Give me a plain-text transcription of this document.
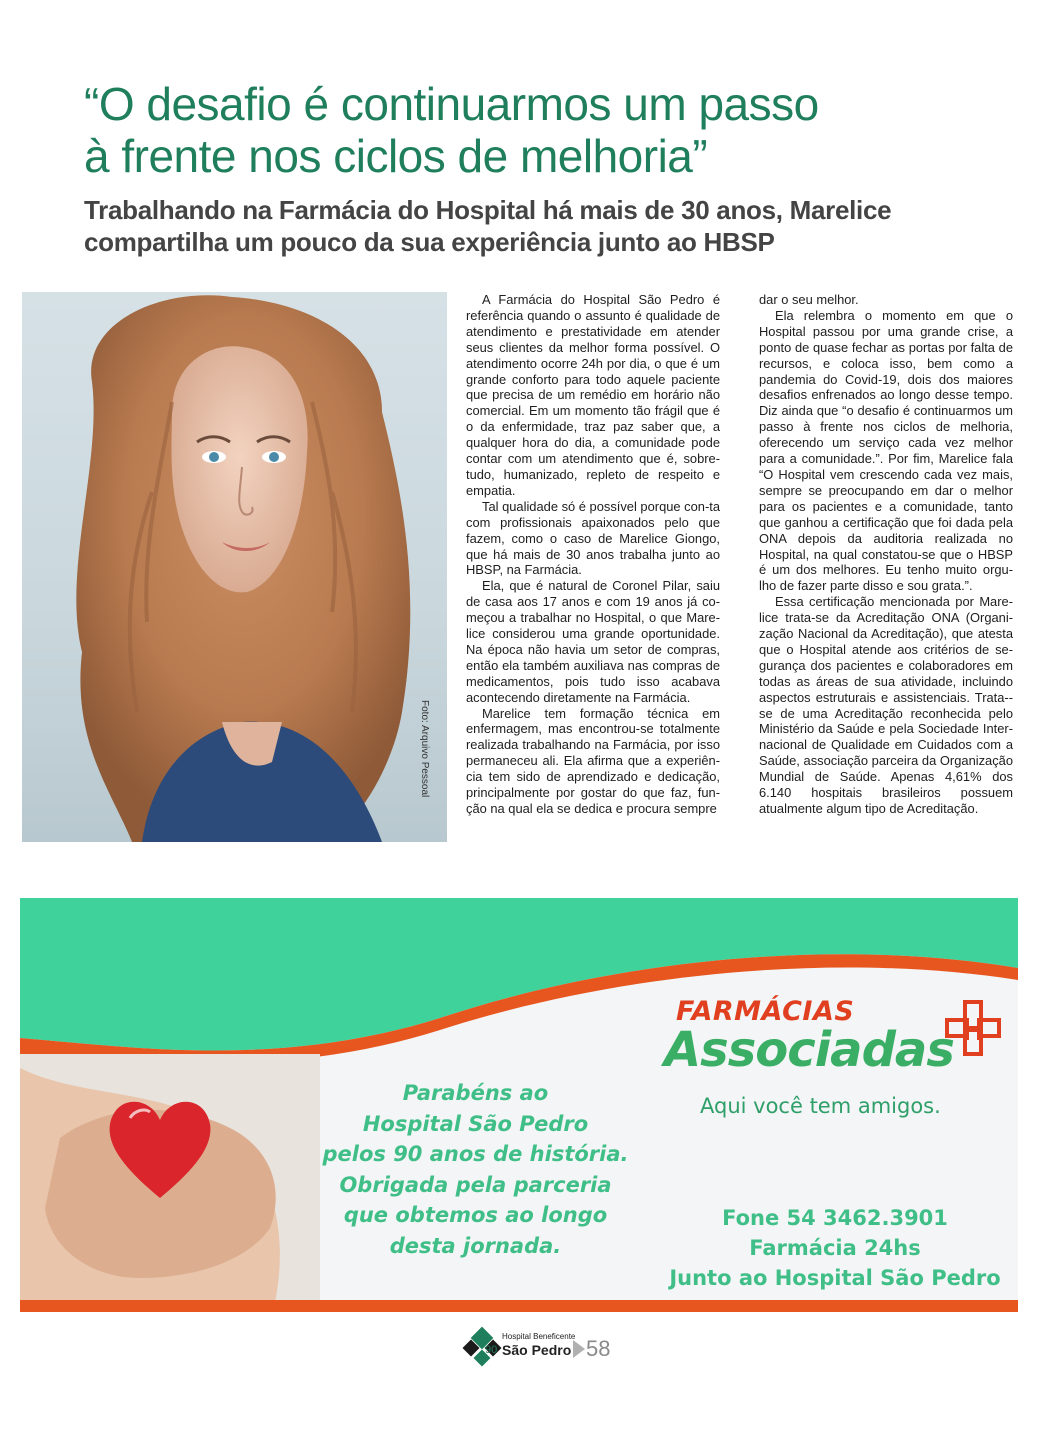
“O desafio é continuarmos um passo
à frente nos ciclos de melhoria”
Trabalhando na Farmácia do Hospital há mais de 30 anos, Marelice
compartilha um pouco da sua experiência junto ao HBSP
Foto: Arquivo Pessoal

A Farmácia do Hospital São Pedro é referência quando o assunto é qualidade de atendimento e prestatividade em atender seus clientes da melhor forma possível. O atendimento ocorre 24h por dia, o que é um grande conforto para todo aquele paciente que precisa de um remédio em horário não comercial. Em um momento tão frágil que é o da enfermidade, traz paz saber que, a qualquer hora do dia, a comunidade pode contar com um atendimento que é, sobre-tudo, humanizado, repleto de respeito e empatia.

Tal qualidade só é possível porque con-ta com profissionais apaixonados pelo que fazem, como o caso de Marelice Giongo, que há mais de 30 anos trabalha junto ao HBSP, na Farmácia.

Ela, que é natural de Coronel Pilar, saiu de casa aos 17 anos e com 19 anos já co-meçou a trabalhar no Hospital, o que Mare-lice considerou uma grande oportunidade. Na época não havia um setor de compras, então ela também auxiliava nas compras de medicamentos, pois tudo isso acabava acontecendo diretamente na Farmácia.

Marelice tem formação técnica em enfermagem, mas encontrou-se totalmente realizada trabalhando na Farmácia, por isso permaneceu ali. Ela afirma que a experiên-cia tem sido de aprendizado e dedicação, principalmente por gostar do que faz, fun-ção na qual ela se dedica e procura sempre

dar o seu melhor.

Ela relembra o momento em que o Hospital passou por uma grande crise, a ponto de quase fechar as portas por falta de recursos, e coloca isso, bem como a pandemia do Covid-19, dois dos maiores desafios enfrenados ao longo desse tempo. Diz ainda que “o desafio é continuarmos um passo à frente nos ciclos de melhoria, oferecendo um serviço cada vez melhor para a comunidade.”. Por fim, Marelice fala “O Hospital vem crescendo cada vez mais, sempre se preocupando em dar o melhor para os pacientes e a comunidade, tanto que ganhou a certificação que foi dada pela ONA depois da auditoria realizada no Hospital, na qual constatou-se que o HBSP é um dos melhores. Eu tenho muito orgu-lho de fazer parte disso e sou grata.”.

Essa certificação mencionada por Mare-lice trata-se da Acreditação ONA (Organi-zação Nacional da Acreditação), que atesta que o Hospital atende aos critérios de se-gurança dos pacientes e colaboradores em todas as áreas de sua atividade, incluindo aspectos estruturais e assistenciais. Trata--se de uma Acreditação reconhecida pelo Ministério da Saúde e pela Sociedade Inter-nacional de Qualidade em Cuidados com a Saúde, associação parceira da Organização Mundial de Saúde. Apenas 4,61% dos 6.140 hospitais brasileiros possuem atualmente algum tipo de Acreditação.

Parabéns ao
Hospital São Pedro
pelos 90 anos de história.
Obrigada pela parceria
que obtemos ao longo
desta jornada.
FARMÁCIAS
Associadas
Aqui você tem amigos.
Fone 54 3462.3901
Farmácia 24hs
Junto ao Hospital São Pedro
90
Hospital Beneficente
São Pedro 58
